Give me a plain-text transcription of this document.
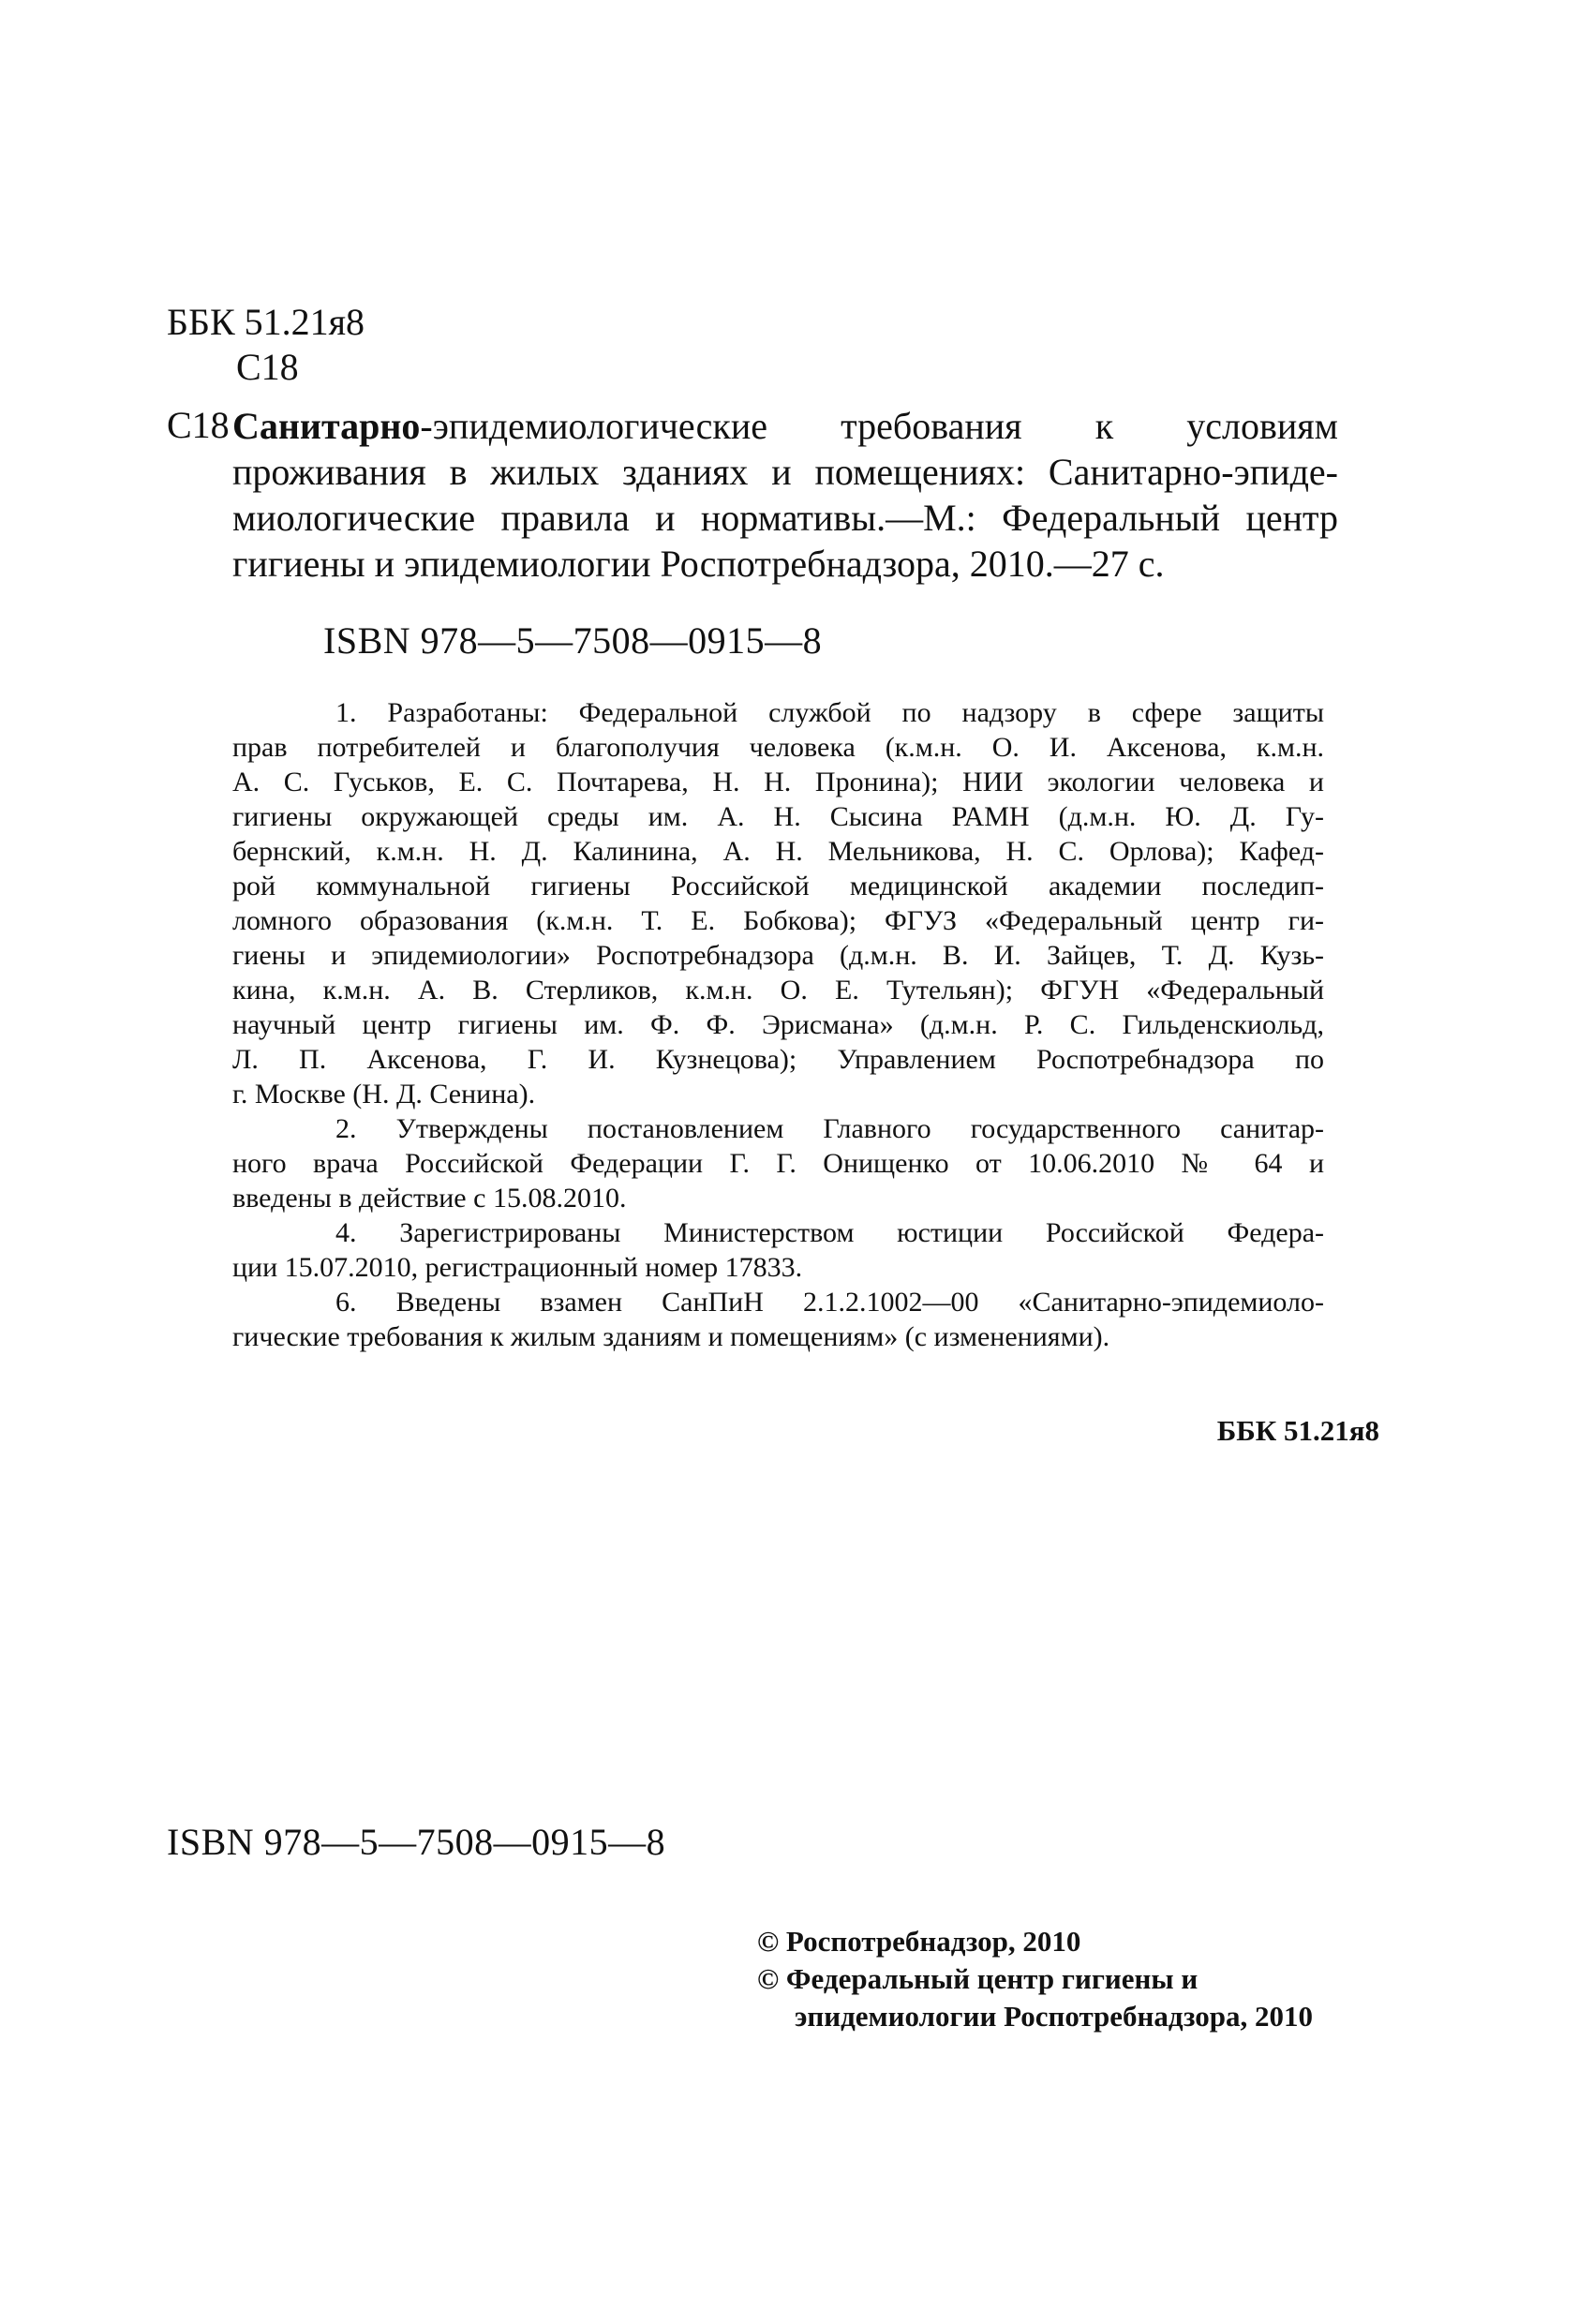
ББК 51.21я8
С18
С18 Санитарно-эпидемиологические требования к условиям
проживания в жилых зданиях и помещениях: Санитарно-эпиде-
миологические правила и нормативы.—М.: Федеральный центр
гигиены и эпидемиологии Роспотребнадзора, 2010.—27 с.
ISBN 978—5—7508—0915—8
1. Разработаны: Федеральной службой по надзору в сфере защиты
прав потребителей и благополучия человека (к.м.н. О. И. Аксенова, к.м.н.
А. С. Гуськов, Е. С. Почтарева, Н. Н. Пронина); НИИ экологии человека и
гигиены окружающей среды им. А. Н. Сысина РАМН (д.м.н. Ю. Д. Гу-
бернский, к.м.н. Н. Д. Калинина, А. Н. Мельникова, Н. С. Орлова); Кафед-
рой коммунальной гигиены Российской медицинской академии последип-
ломного образования (к.м.н. Т. Е. Бобкова); ФГУЗ «Федеральный центр ги-
гиены и эпидемиологии» Роспотребнадзора (д.м.н. В. И. Зайцев, Т. Д. Кузь-
кина, к.м.н. А. В. Стерликов, к.м.н. О. Е. Тутельян); ФГУН «Федеральный
научный центр гигиены им. Ф. Ф. Эрисмана» (д.м.н. Р. С. Гильденскиольд,
Л. П. Аксенова, Г. И. Кузнецова); Управлением Роспотребнадзора по
г. Москве (Н. Д. Сенина).
2. Утверждены постановлением Главного государственного санитар-
ного врача Российской Федерации Г. Г. Онищенко от 10.06.2010 № 64 и
введены в действие с 15.08.2010.
4. Зарегистрированы Министерством юстиции Российской Федера-
ции 15.07.2010, регистрационный номер 17833.
6. Введены взамен СанПиН 2.1.2.1002—00 «Санитарно-эпидемиоло-
гические требования к жилым зданиям и помещениям» (с изменениями).
ББК 51.21я8
ISBN 978—5—7508—0915—8
© Роспотребнадзор, 2010
© Федеральный центр гигиены и
эпидемиологии Роспотребнадзора, 2010
